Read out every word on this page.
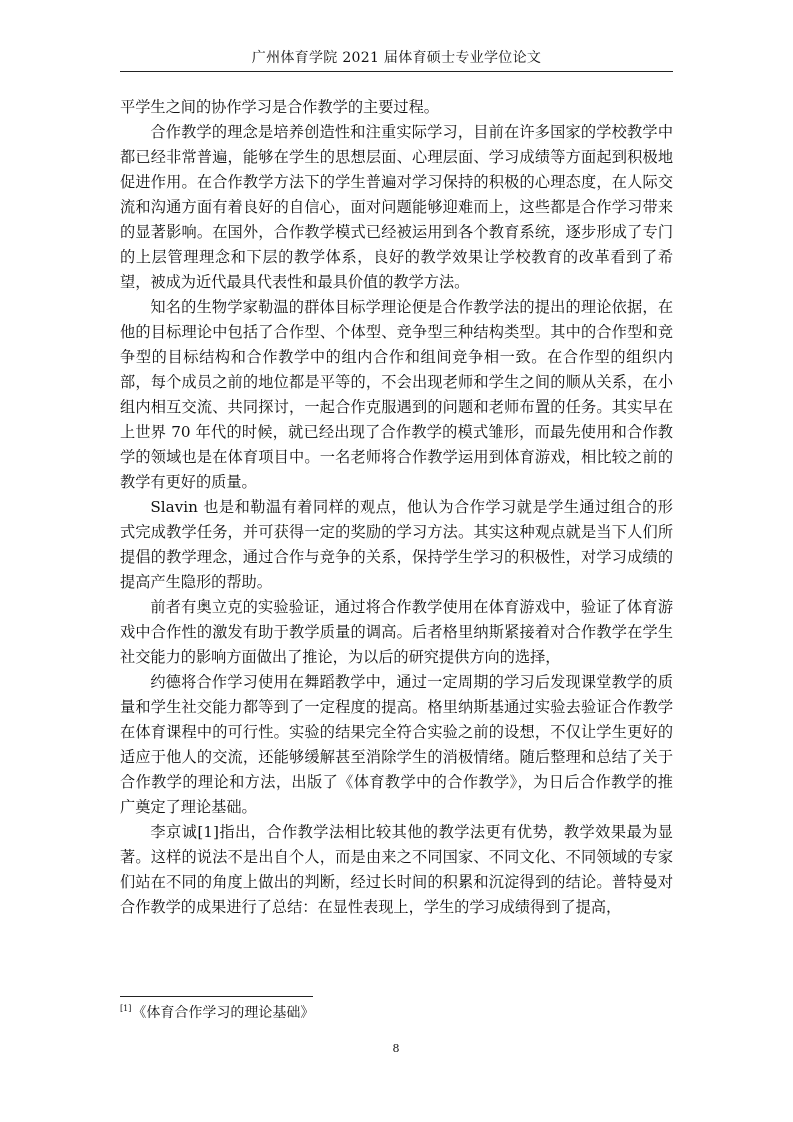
广州体育学院 2021 届体育硕士专业学位论文

平学生之间的协作学习是合作教学的主要过程。

合作教学的理念是培养创造性和注重实际学习，目前在许多国家的学校教学中都已经非常普遍，能够在学生的思想层面、心理层面、学习成绩等方面起到积极地促进作用。在合作教学方法下的学生普遍对学习保持的积极的心理态度，在人际交流和沟通方面有着良好的自信心，面对问题能够迎难而上，这些都是合作学习带来的显著影响。在国外，合作教学模式已经被运用到各个教育系统，逐步形成了专门的上层管理理念和下层的教学体系，良好的教学效果让学校教育的改革看到了希望，被成为近代最具代表性和最具价值的教学方法。

知名的生物学家勒温的群体目标学理论便是合作教学法的提出的理论依据，在他的目标理论中包括了合作型、个体型、竞争型三种结构类型。其中的合作型和竞争型的目标结构和合作教学中的组内合作和组间竞争相一致。在合作型的组织内部，每个成员之前的地位都是平等的，不会出现老师和学生之间的顺从关系，在小组内相互交流、共同探讨，一起合作克服遇到的问题和老师布置的任务。其实早在上世界 70 年代的时候，就已经出现了合作教学的模式雏形，而最先使用和合作教学的领域也是在体育项目中。一名老师将合作教学运用到体育游戏，相比较之前的教学有更好的质量。

Slavin 也是和勒温有着同样的观点，他认为合作学习就是学生通过组合的形式完成教学任务，并可获得一定的奖励的学习方法。其实这种观点就是当下人们所提倡的教学理念，通过合作与竞争的关系，保持学生学习的积极性，对学习成绩的提高产生隐形的帮助。

前者有奥立克的实验验证，通过将合作教学使用在体育游戏中，验证了体育游戏中合作性的激发有助于教学质量的调高。后者格里纳斯紧接着对合作教学在学生社交能力的影响方面做出了推论，为以后的研究提供方向的选择，

约德将合作学习使用在舞蹈教学中，通过一定周期的学习后发现课堂教学的质量和学生社交能力都等到了一定程度的提高。格里纳斯基通过实验去验证合作教学在体育课程中的可行性。实验的结果完全符合实验之前的设想，不仅让学生更好的适应于他人的交流，还能够缓解甚至消除学生的消极情绪。随后整理和总结了关于合作教学的理论和方法，出版了《体育教学中的合作教学》，为日后合作教学的推广奠定了理论基础。

李京诚[1]指出，合作教学法相比较其他的教学法更有优势，教学效果最为显著。这样的说法不是出自个人，而是由来之不同国家、不同文化、不同领域的专家们站在不同的角度上做出的判断，经过长时间的积累和沉淀得到的结论。普特曼对合作教学的成果进行了总结：在显性表现上，学生的学习成绩得到了提高，

[1]《体育合作学习的理论基础》
8
